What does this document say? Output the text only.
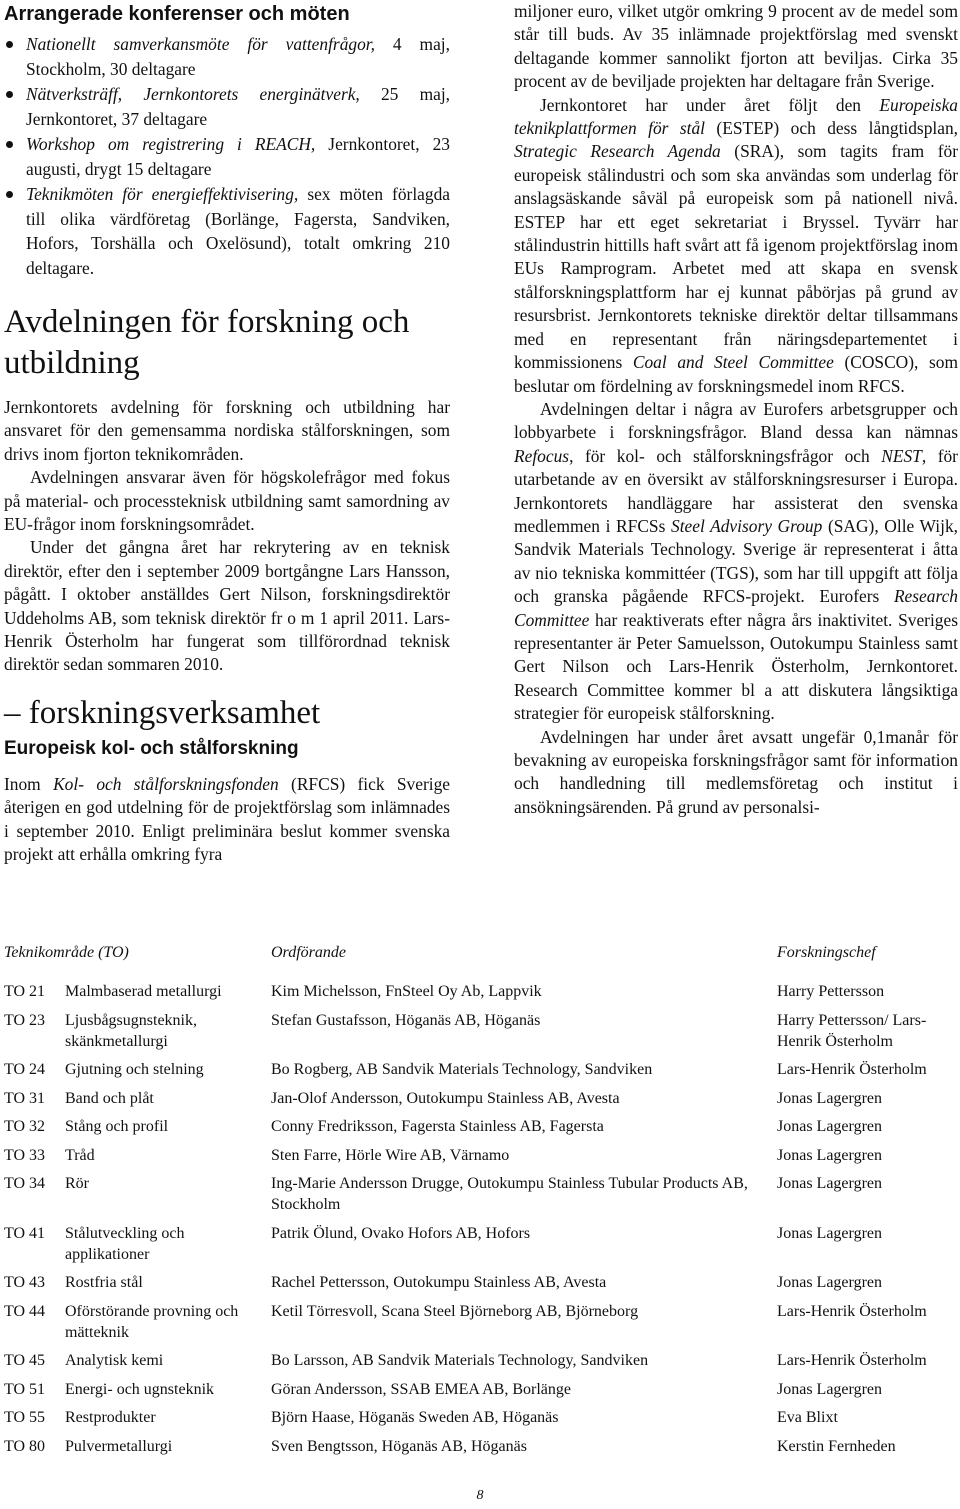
Arrangerade konferenser och möten
Nationellt samverkansmöte för vattenfrågor, 4 maj, Stockholm, 30 deltagare
Nätverksträff, Jernkontorets energinätverk, 25 maj, Jernkontoret, 37 deltagare
Workshop om registrering i REACH, Jernkontoret, 23 augusti, drygt 15 deltagare
Teknikmöten för energieffektivisering, sex möten förlagda till olika värdföretag (Borlänge, Fagersta, Sandviken, Hofors, Torshälla och Oxelösund), totalt omkring 210 deltagare.
Avdelningen för forskning och utbildning

Jernkontorets avdelning för forskning och utbildning har ansvaret för den gemensamma nordiska stålforskningen, som drivs inom fjorton teknikområden.

Avdelningen ansvarar även för högskolefrågor med fokus på material- och processteknisk utbildning samt samordning av EU-frågor inom forskningsområdet.

Under det gångna året har rekrytering av en teknisk direktör, efter den i september 2009 bortgångne Lars Hansson, pågått. I oktober anställdes Gert Nilson, forskningsdirektör Uddeholms AB, som teknisk direktör fr o m 1 april 2011. Lars-Henrik Österholm har fungerat som tillförordnad teknisk direktör sedan sommaren 2010.

– forskningsverksamhet
Europeisk kol- och stålforskning

Inom Kol- och stålforskningsfonden (RFCS) fick Sverige återigen en god utdelning för de projektförslag som inlämnades i september 2010. Enligt preliminära beslut kommer svenska projekt att erhålla omkring fyra

miljoner euro, vilket utgör omkring 9 procent av de medel som står till buds. Av 35 inlämnade projektförslag med svenskt deltagande kommer sannolikt fjorton att beviljas. Cirka 35 procent av de beviljade projekten har deltagare från Sverige.

Jernkontoret har under året följt den Europeiska teknikplattformen för stål (ESTEP) och dess långtidsplan, Strategic Research Agenda (SRA), som tagits fram för europeisk stålindustri och som ska användas som underlag för anslagsäskande såväl på europeisk som på nationell nivå. ESTEP har ett eget sekretariat i Bryssel. Tyvärr har stålindustrin hittills haft svårt att få igenom projektförslag inom EUs Ramprogram. Arbetet med att skapa en svensk stålforskningsplattform har ej kunnat påbörjas på grund av resursbrist. Jernkontorets tekniske direktör deltar tillsammans med en representant från näringsdepartementet i kommissionens Coal and Steel Committee (COSCO), som beslutar om fördelning av forskningsmedel inom RFCS.

Avdelningen deltar i några av Eurofers arbetsgrupper och lobbyarbete i forskningsfrågor. Bland dessa kan nämnas Refocus, för kol- och stålforskningsfrågor och NEST, för utarbetande av en översikt av stålforskningsresurser i Europa. Jernkontorets handläggare har assisterat den svenska medlemmen i RFCSs Steel Advisory Group (SAG), Olle Wijk, Sandvik Materials Technology. Sverige är representerat i åtta av nio tekniska kommittéer (TGS), som har till uppgift att följa och granska pågående RFCS-projekt. Eurofers Research Committee har reaktiverats efter några års inaktivitet. Sveriges representanter är Peter Samuelsson, Outokumpu Stainless samt Gert Nilson och Lars-Henrik Österholm, Jernkontoret. Research Committee kommer bl a att diskutera långsiktiga strategier för europeisk stålforskning.

Avdelningen har under året avsatt ungefär 0,1manår för bevakning av europeiska forskningsfrågor samt för information och handledning till medlemsföretag och institut i ansökningsärenden. På grund av personalsi-

Teknikområde (TO)		Ordförande	Forskningschef
TO 21	Malmbaserad metallurgi	Kim Michelsson, FnSteel Oy Ab, Lappvik	Harry Pettersson
TO 23	Ljusbågsugnsteknik, skänkmetallurgi	Stefan Gustafsson, Höganäs AB, Höganäs	Harry Pettersson/ Lars-Henrik Österholm
TO 24	Gjutning och stelning	Bo Rogberg, AB Sandvik Materials Technology, Sandviken	Lars-Henrik Österholm
TO 31	Band och plåt	Jan-Olof Andersson, Outokumpu Stainless AB, Avesta	Jonas Lagergren
TO 32	Stång och profil	Conny Fredriksson, Fagersta Stainless AB, Fagersta	Jonas Lagergren
TO 33	Tråd	Sten Farre, Hörle Wire AB, Värnamo	Jonas Lagergren
TO 34	Rör	Ing-Marie Andersson Drugge, Outokumpu Stainless Tubular Products AB, Stockholm	Jonas Lagergren
TO 41	Stålutveckling och applikationer	Patrik Ölund, Ovako Hofors AB, Hofors	Jonas Lagergren
TO 43	Rostfria stål	Rachel Pettersson, Outokumpu Stainless AB, Avesta	Jonas Lagergren
TO 44	Oförstörande provning och mätteknik	Ketil Törresvoll, Scana Steel Björneborg AB, Björneborg	Lars-Henrik Österholm
TO 45	Analytisk kemi	Bo Larsson, AB Sandvik Materials Technology, Sandviken	Lars-Henrik Österholm
TO 51	Energi- och ugnsteknik	Göran Andersson, SSAB EMEA AB, Borlänge	Jonas Lagergren
TO 55	Restprodukter	Björn Haase, Höganäs Sweden AB, Höganäs	Eva Blixt
TO 80	Pulvermetallurgi	Sven Bengtsson, Höganäs AB, Höganäs	Kerstin Fernheden
8
